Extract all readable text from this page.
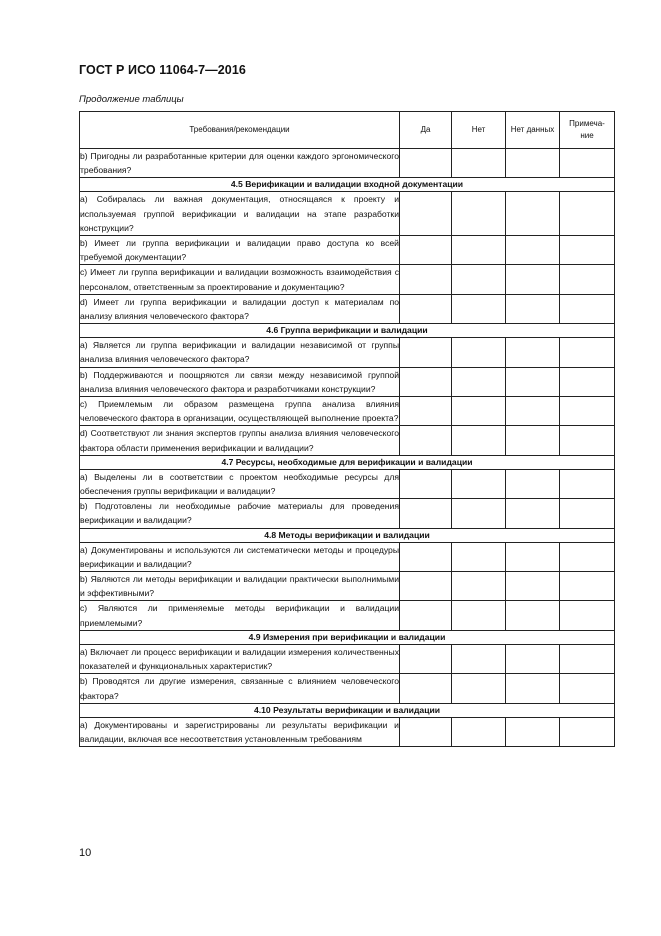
ГОСТ Р ИСО 11064-7—2016
Продолжение таблицы
Требования/рекомендации	Да	Нет	Нет данных	Примеча-ние

b) Пригодны ли разработанные критерии для оценки каждого эргономического требования?				

4.5 Верификации и валидации входной документации				

a) Собиралась ли важная документация, относящаяся к проекту и используемая группой верификации и валидации на этапе разработки конструкции?				

b) Имеет ли группа верификации и валидации право доступа ко всей требуемой документации?				

c) Имеет ли группа верификации и валидации возможность взаимодействия с персоналом, ответственным за проектирование и документацию?				

d) Имеет ли группа верификации и валидации доступ к материалам по анализу влияния человеческого фактора?				

4.6 Группа верификации и валидации				

a) Является ли группа верификации и валидации независимой от группы анализа влияния человеческого фактора?				

b) Поддерживаются и поощряются ли связи между независимой группой анализа влияния человеческого фактора и разработчиками конструкции?				

c) Приемлемым ли образом размещена группа анализа влияния человеческого фактора в организации, осуществляющей выполнение проекта?				

d) Соответствуют ли знания экспертов группы анализа влияния человеческого фактора области применения верификации и валидации?				

4.7 Ресурсы, необходимые для верификации и валидации				

a) Выделены ли в соответствии с проектом необходимые ресурсы для обеспечения группы верификации и валидации?				

b) Подготовлены ли необходимые рабочие материалы для проведения верификации и валидации?				

4.8 Методы верификации и валидации				

a) Документированы и используются ли систематически методы и процедуры верификации и валидации?				

b) Являются ли методы верификации и валидации практически выполнимыми и эффективными?				

c) Являются ли применяемые методы верификации и валидации приемлемыми?				

4.9 Измерения при верификации и валидации				

a) Включает ли процесс верификации и валидации измерения количественных показателей и функциональных характеристик?				

b) Проводятся ли другие измерения, связанные с влиянием человеческого фактора?				

4.10 Результаты верификации и валидации				

а) Документированы и зарегистрированы ли результаты верификации и валидации, включая все несоответствия установленным требованиям				

10
